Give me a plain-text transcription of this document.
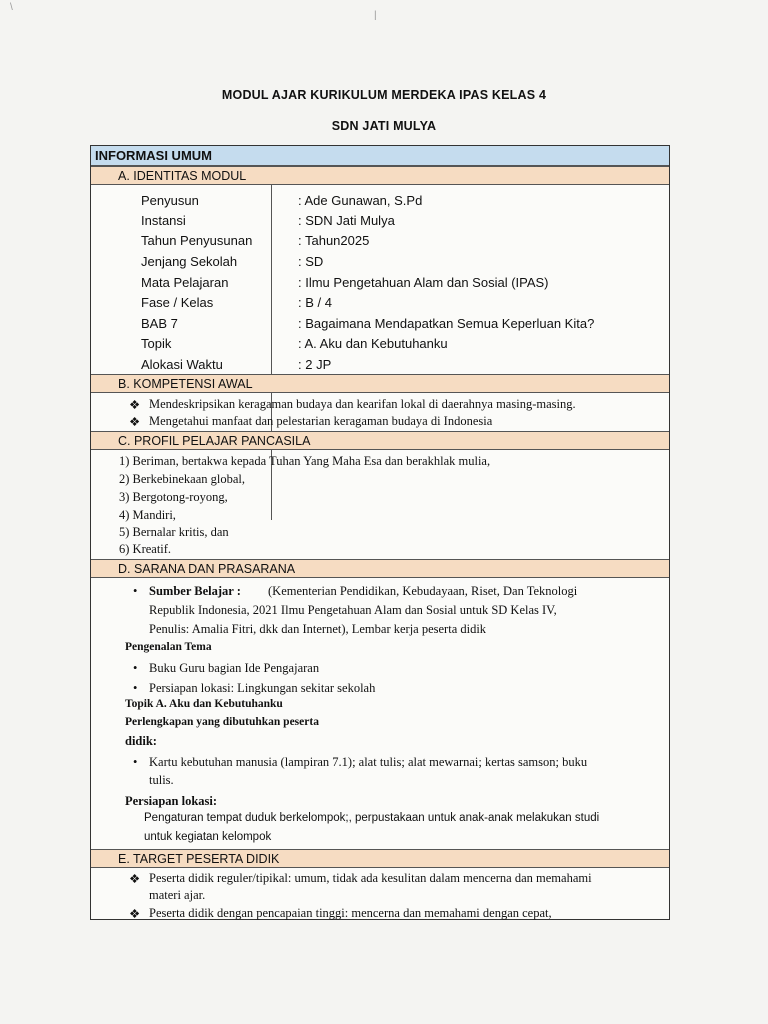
\
|
MODUL AJAR KURIKULUM MERDEKA IPAS KELAS 4
SDN JATI MULYA
INFORMASI UMUM
A. IDENTITAS MODUL
Penyusun	: Ade Gunawan, S.Pd
Instansi	: SDN Jati Mulya
Tahun Penyusunan	: Tahun2025
Jenjang Sekolah	: SD
Mata Pelajaran	: Ilmu Pengetahuan Alam dan Sosial (IPAS)
Fase / Kelas	: B / 4
BAB 7	: Bagaimana Mendapatkan Semua Keperluan Kita?
Topik	: A. Aku dan Kebutuhanku
Alokasi Waktu	: 2 JP
B. KOMPETENSI AWAL
❖ Mendeskripsikan keragaman budaya dan kearifan lokal di daerahnya masing-masing.
❖ Mengetahui manfaat dan pelestarian keragaman budaya di Indonesia
C. PROFIL PELAJAR PANCASILA
1) Beriman, bertakwa kepada Tuhan Yang Maha Esa dan berakhlak mulia,
2) Berkebinekaan global,
3) Bergotong-royong,
4) Mandiri,
5) Bernalar kritis, dan
6) Kreatif.
D. SARANA DAN PRASARANA
• Sumber Belajar : (Kementerian Pendidikan, Kebudayaan, Riset, Dan Teknologi
Republik Indonesia, 2021 Ilmu Pengetahuan Alam dan Sosial untuk SD Kelas IV,
Penulis: Amalia Fitri, dkk dan Internet), Lembar kerja peserta didik
Pengenalan Tema
• Buku Guru bagian Ide Pengajaran
• Persiapan lokasi: Lingkungan sekitar sekolah
Topik A. Aku dan Kebutuhanku
Perlengkapan yang dibutuhkan peserta
didik:
• Kartu kebutuhan manusia (lampiran 7.1); alat tulis; alat mewarnai; kertas samson; buku
tulis.
Persiapan lokasi:
Pengaturan tempat duduk berkelompok;, perpustakaan untuk anak-anak melakukan studi
untuk kegiatan kelompok
E. TARGET PESERTA DIDIK
❖ Peserta didik reguler/tipikal: umum, tidak ada kesulitan dalam mencerna dan memahami
materi ajar.
❖ Peserta didik dengan pencapaian tinggi: mencerna dan memahami dengan cepat,
